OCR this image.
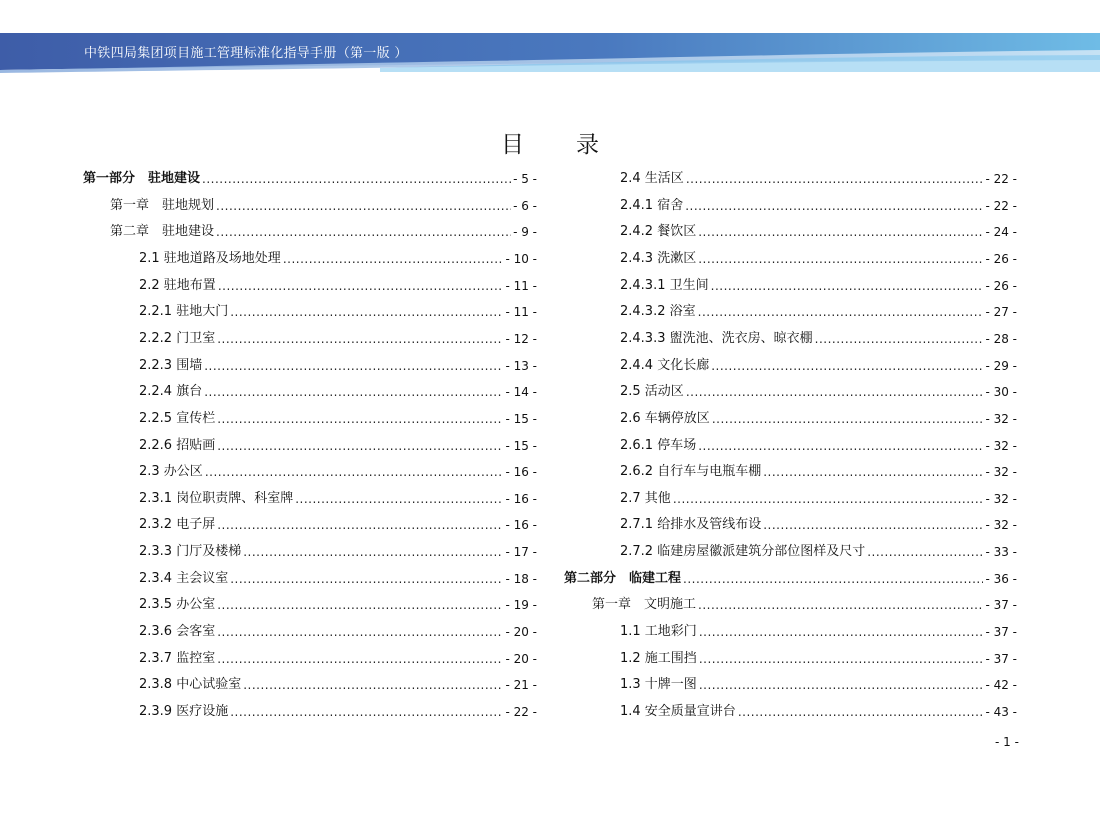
中铁四局集团项目施工管理标准化指导手册（第一版 ）
目录
第一部分　驻地建设 .....	- 5 -
第一章　驻地规划 .....	- 6 -
第二章　驻地建设 .....	- 9 -
2.1 驻地道路及场地处理 .....	- 10 -
2.2 驻地布置 .....	- 11 -
2.2.1 驻地大门 .....	- 11 -
2.2.2 门卫室 .....	- 12 -
2.2.3 围墙 .....	- 13 -
2.2.4 旗台 .....	- 14 -
2.2.5 宣传栏 .....	- 15 -
2.2.6 招贴画 .....	- 15 -
2.3 办公区 .....	- 16 -
2.3.1 岗位职责牌、科室牌 .....	- 16 -
2.3.2 电子屏 .....	- 16 -
2.3.3 门厅及楼梯 .....	- 17 -
2.3.4 主会议室 .....	- 18 -
2.3.5 办公室 .....	- 19 -
2.3.6 会客室 .....	- 20 -
2.3.7 监控室 .....	- 20 -
2.3.8 中心试验室 .....	- 21 -
2.3.9 医疗设施 .....	- 22 -
2.4 生活区 .....	- 22 -
2.4.1 宿舍 .....	- 22 -
2.4.2 餐饮区 .....	- 24 -
2.4.3 洗漱区 .....	- 26 -
2.4.3.1 卫生间 .....	- 26 -
2.4.3.2 浴室 .....	- 27 -
2.4.3.3 盥洗池、洗衣房、晾衣棚 .....	- 28 -
2.4.4 文化长廊 .....	- 29 -
2.5 活动区 .....	- 30 -
2.6 车辆停放区 .....	- 32 -
2.6.1 停车场 .....	- 32 -
2.6.2 自行车与电瓶车棚 .....	- 32 -
2.7 其他 .....	- 32 -
2.7.1 给排水及管线布设 .....	- 32 -
2.7.2 临建房屋徽派建筑分部位图样及尺寸 .....	- 33 -
第二部分　临建工程 .....	- 36 -
第一章　文明施工 .....	- 37 -
1.1 工地彩门 .....	- 37 -
1.2 施工围挡 .....	- 37 -
1.3 十牌一图 .....	- 42 -
1.4 安全质量宣讲台 .....	- 43 -
- 1 -
